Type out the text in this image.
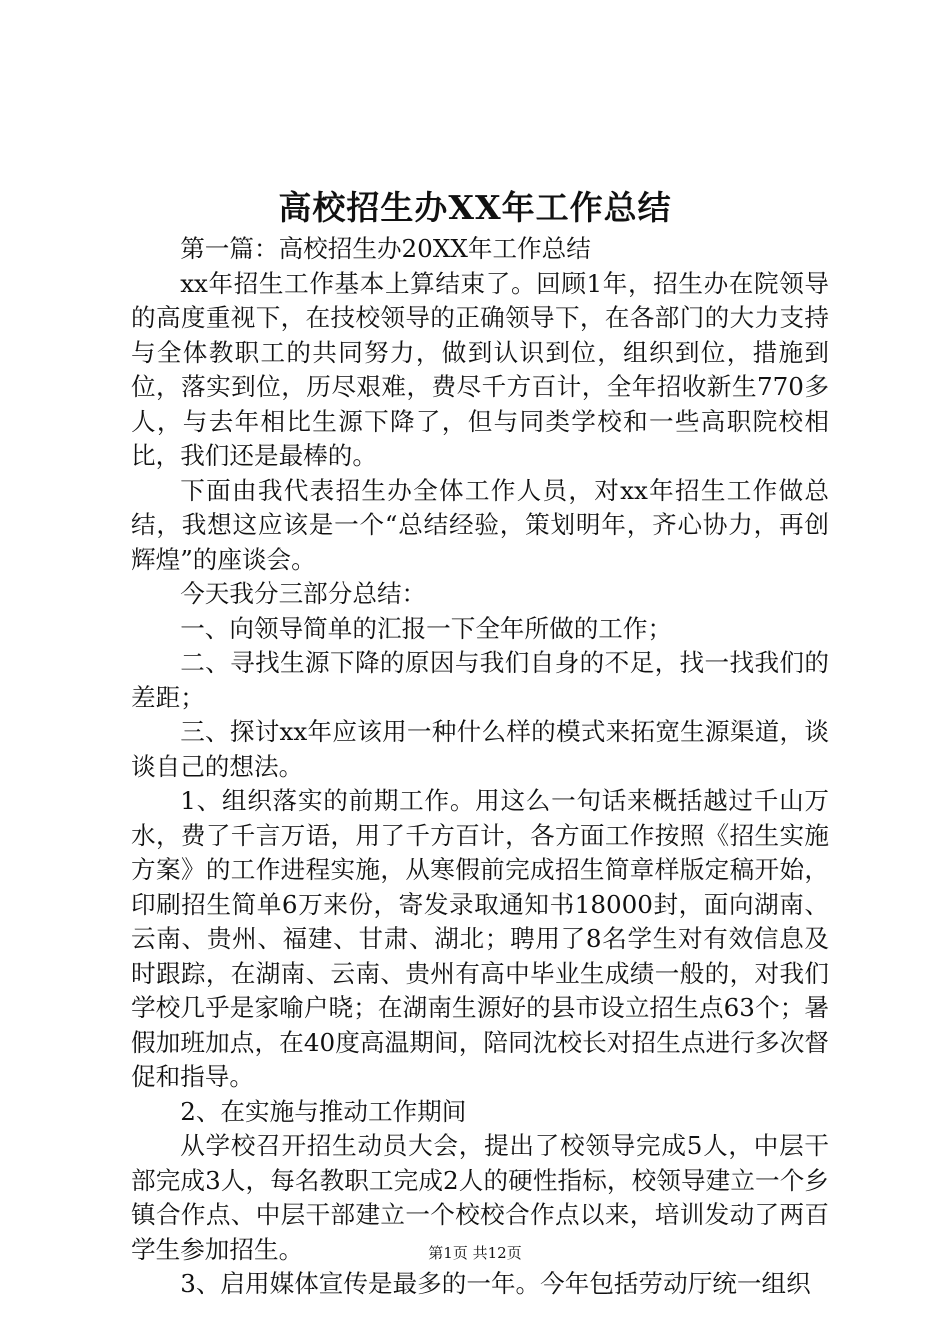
高校招生办XX年工作总结

第一篇：高校招生办20XX年工作总结

xx年招生工作基本上算结束了。回顾1年，招生办在院领导的高度重视下，在技校领导的正确领导下，在各部门的大力支持与全体教职工的共同努力，做到认识到位，组织到位，措施到位，落实到位，历尽艰难，费尽千方百计，全年招收新生770多人，与去年相比生源下降了，但与同类学校和一些高职院校相比，我们还是最棒的。

下面由我代表招生办全体工作人员，对xx年招生工作做总结，我想这应该是一个“总结经验，策划明年，齐心协力，再创辉煌”的座谈会。

今天我分三部分总结：

一、向领导简单的汇报一下全年所做的工作；

二、寻找生源下降的原因与我们自身的不足，找一找我们的差距；

三、探讨xx年应该用一种什么样的模式来拓宽生源渠道，谈谈自己的想法。

1、组织落实的前期工作。用这么一句话来概括越过千山万水，费了千言万语，用了千方百计，各方面工作按照《招生实施方案》的工作进程实施，从寒假前完成招生简章样版定稿开始，印刷招生简单6万来份，寄发录取通知书18000封，面向湖南、云南、贵州、福建、甘肃、湖北；聘用了8名学生对有效信息及时跟踪，在湖南、云南、贵州有高中毕业生成绩一般的，对我们学校几乎是家喻户晓；在湖南生源好的县市设立招生点63个；暑假加班加点，在40度高温期间，陪同沈校长对招生点进行多次督促和指导。

2、在实施与推动工作期间

从学校召开招生动员大会，提出了校领导完成5人，中层干部完成3人，每名教职工完成2人的硬性指标，校领导建立一个乡镇合作点、中层干部建立一个校校合作点以来，培训发动了两百学生参加招生。

3、启用媒体宣传是最多的一年。今年包括劳动厅统一组织

第1页 共12页
